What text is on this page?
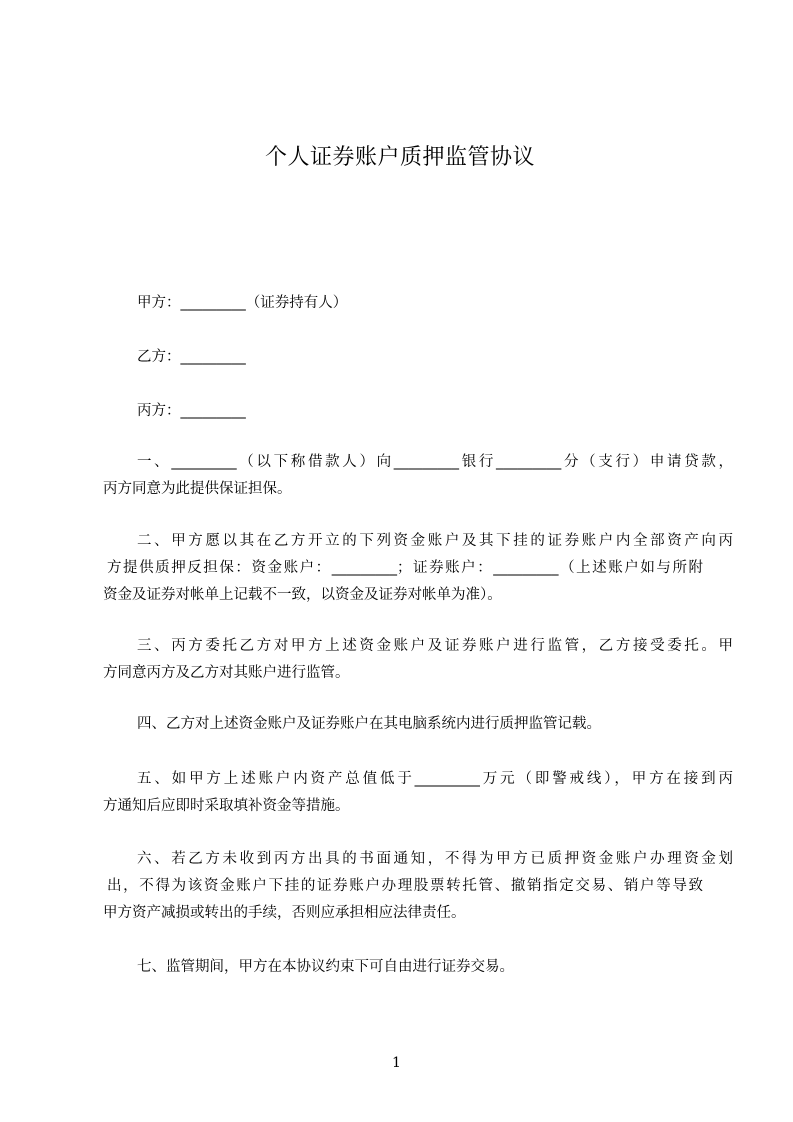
个人证券账户质押监管协议
甲方：_________（证券持有人）
乙方：_________
丙方：_________
一、_________（以下称借款人）向_________银行_________分（支行）申请贷款，
丙方同意为此提供保证担保。
二、甲方愿以其在乙方开立的下列资金账户及其下挂的证券账户内全部资产向丙
方提供质押反担保：资金账户：_________；证券账户：_________（上述账户如与所附
资金及证券对帐单上记载不一致，以资金及证券对帐单为准）。
三、丙方委托乙方对甲方上述资金账户及证券账户进行监管，乙方接受委托。甲
方同意丙方及乙方对其账户进行监管。
四、乙方对上述资金账户及证券账户在其电脑系统内进行质押监管记载。
五、如甲方上述账户内资产总值低于_________万元（即警戒线），甲方在接到丙
方通知后应即时采取填补资金等措施。
六、若乙方未收到丙方出具的书面通知，不得为甲方已质押资金账户办理资金划
出，不得为该资金账户下挂的证券账户办理股票转托管、撤销指定交易、销户等导致
甲方资产减损或转出的手续，否则应承担相应法律责任。
七、监管期间，甲方在本协议约束下可自由进行证券交易。
1
